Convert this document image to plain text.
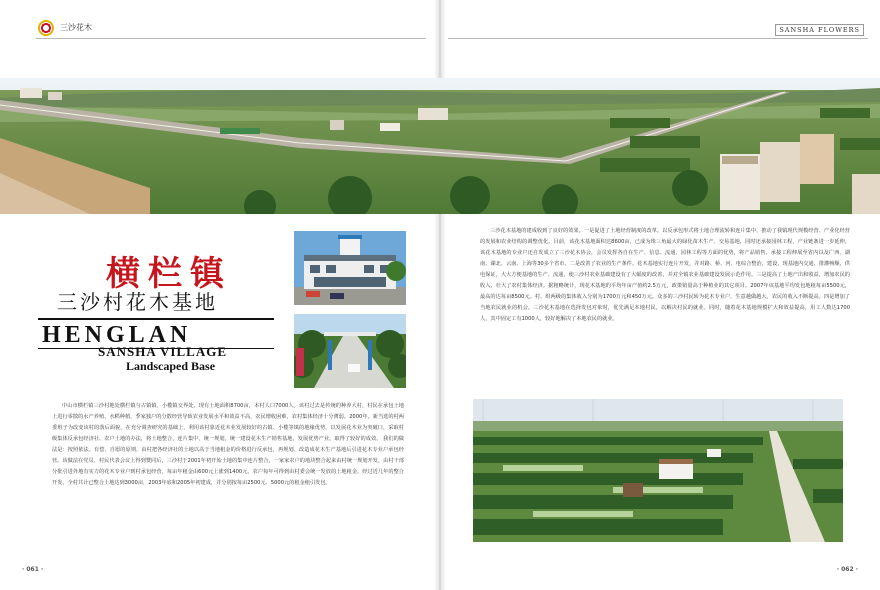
三沙花木	SANSHA FLOWERS
横栏镇
三沙村花木基地
HENGLAN
SANSHA VILLAGE
Landscaped Base

中山市横栏镇三沙村地处横栏镇与古镇镇、小榄镇交界处，现有土地面积8700亩，本村人口7000人。该村过去是传统的种养大村，村民在承包土地上进行零散的水产养殖、水稻种植，季家独户的分散经营导致农业发展水平和效益不高，农民增收困难，农村集体经济十分薄弱。2000年，新当选的村两委班子为改变该村的落后面貌，在充分调查研究的基础上，利用该村靠近花木业发展较好的古镇、小榄等镇的地缘优势，以发展花木业为突破口，采取村级集体反承包经济社、农户土地的办法，将土地整合，连片集中，统一规划，统一建设花木生产销售基地，发展优势产业，取得了较好的成效。 我们的做法是：按照依法、有偿、自愿的原则，由村把各经济社的土地以高于当地租金的价格进行反承包，再规划、改造成花木生产基地后引进花木专业户承包经营。该做法在党员、村民代表会议上得到赞同后，三沙村于2001年初开始土地的集中连片整合，一家家农户的地块整合起来由村统一规划开发，由村干部分批引进外地有实力的花木专业户到村承包经营，每亩年租金由600元上涨到1400元，农户每年可得到由村委会统一发放的土地租金。经过近几年的整合开发，全村共计已整合土地达到3000亩，2003年底和2005年初建成，并分别按每亩2500元、5000元的租金租引发包。

三沙花木基地的建成收到了良好的效果。一是促进了土地经营制度的改革。以反承包形式将土地合理流转和连片集中，推动了我镇现代规模经营、产业化经营的发展和农业结构的调整优化。目前，该花木基地面积达8600亩，已成为珠三角最大的绿化苗木生产、交易基地，同时还承接园林工程，产业链条进一步延伸。该花木基地的专业户还自发成立了三沙花木协会，会员发挥各自在生产、信息、流通、园林工程等方面的优势，将产品销售、承接工程伸展至省内以及广西、湖南、湖北、云南、上海等30多个省市。二是改善了农业的生产条件。花木基地实行连片开发，并对路、桥、河、电综合整治，建设，现基地内交通、排灌畅顺，供电保证，大大方便基地的生产、流通，使三沙村农业基础建设有了大幅度的改善，并对全镇农业基础建设发展示范作用。三是提高了土地产出和收益，增加农民的收入，壮大了农村集体经济。据粗略统计，现花木基地的平均年亩产值约2.5万元，政策销量高于种植业的其它项目。2007年该基地平均发包地租每亩5500元，最高的达每亩8500元。村、组两级的集体收入分别为1700万元和450万元。众多的三沙村民转为花木专业户，生意越做越大，农民的收入不断提高。四是增加了当地农民就业的机会。三沙花木基地在选择发包对象时，优先满足本地村民，以解决村民的就业。同时，随着花木基地规模扩大和效益提高，用工人数达1700人，其中固定工有1000人，较好地解决了本地农民的就业。

· 061 ·	· 062 ·
